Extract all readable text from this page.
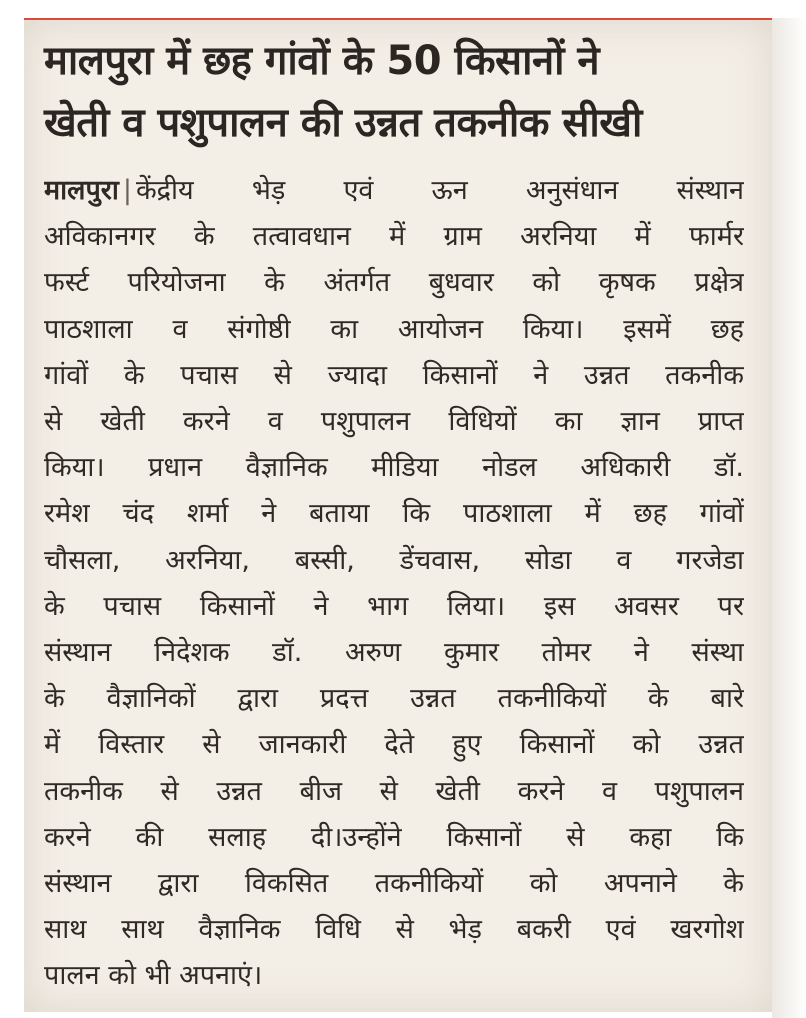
मालपुरा में छह गांवों के 50 किसानों ने
खेती व पशुपालन की उन्नत तकनीक सीखी
मालपुरा | केंद्रीय भेड़ एवं ऊन अनुसंधान संस्थान
अविकानगर के तत्वावधान में ग्राम अरनिया में फार्मर
फर्स्ट परियोजना के अंतर्गत बुधवार को कृषक प्रक्षेत्र
पाठशाला व संगोष्ठी का आयोजन किया। इसमें छह
गांवों के पचास से ज्यादा किसानों ने उन्नत तकनीक
से खेती करने व पशुपालन विधियों का ज्ञान प्राप्त
किया। प्रधान वैज्ञानिक मीडिया नोडल अधिकारी डॉ.
रमेश चंद शर्मा ने बताया कि पाठशाला में छह गांवों
चौसला, अरनिया, बस्सी, डेंचवास, सोडा व गरजेडा
के पचास किसानों ने भाग लिया। इस अवसर पर
संस्थान निदेशक डॉ. अरुण कुमार तोमर ने संस्था
के वैज्ञानिकों द्वारा प्रदत्त उन्नत तकनीकियों के बारे
में विस्तार से जानकारी देते हुए किसानों को उन्नत
तकनीक से उन्नत बीज से खेती करने व पशुपालन
करने की सलाह दी।उन्होंने किसानों से कहा कि
संस्थान द्वारा विकसित तकनीकियों को अपनाने के
साथ साथ वैज्ञानिक विधि से भेड़ बकरी एवं खरगोश
पालन को भी अपनाएं।
